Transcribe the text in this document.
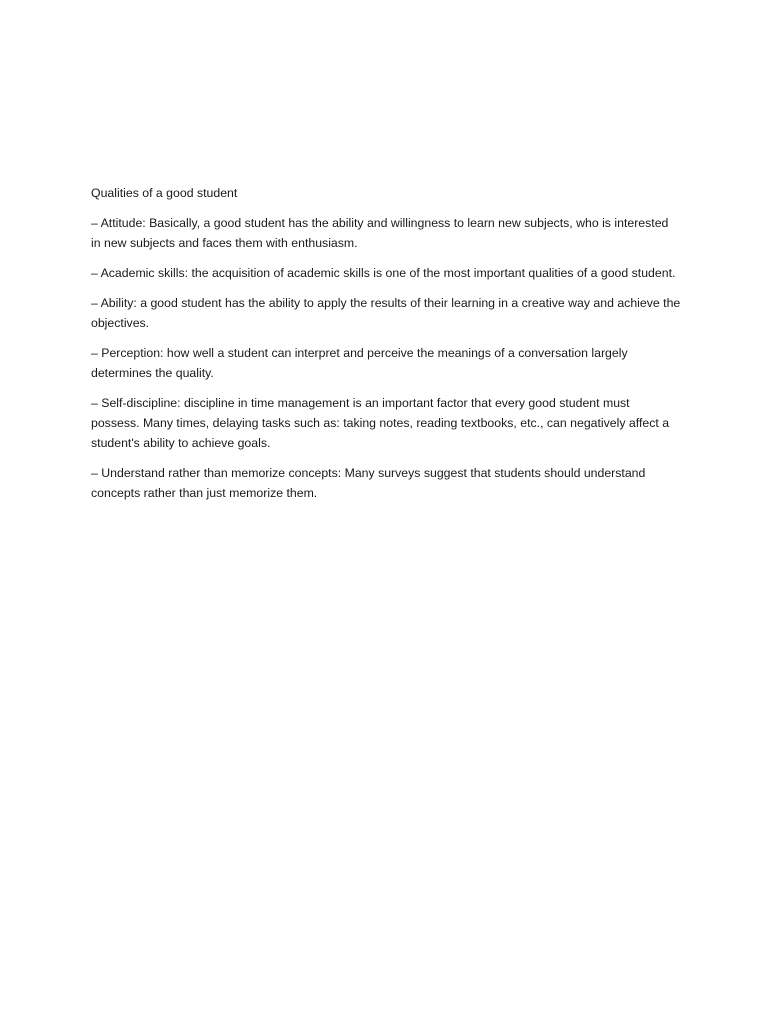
Qualities of a good student

– Attitude: Basically, a good student has the ability and willingness to learn new subjects, who is interested in new subjects and faces them with enthusiasm.

– Academic skills: the acquisition of academic skills is one of the most important qualities of a good student.

– Ability: a good student has the ability to apply the results of their learning in a creative way and achieve the objectives.

– Perception: how well a student can interpret and perceive the meanings of a conversation largely determines the quality.

– Self-discipline: discipline in time management is an important factor that every good student must possess. Many times, delaying tasks such as: taking notes, reading textbooks, etc., can negatively affect a student's ability to achieve goals.

– Understand rather than memorize concepts: Many surveys suggest that students should understand concepts rather than just memorize them.
